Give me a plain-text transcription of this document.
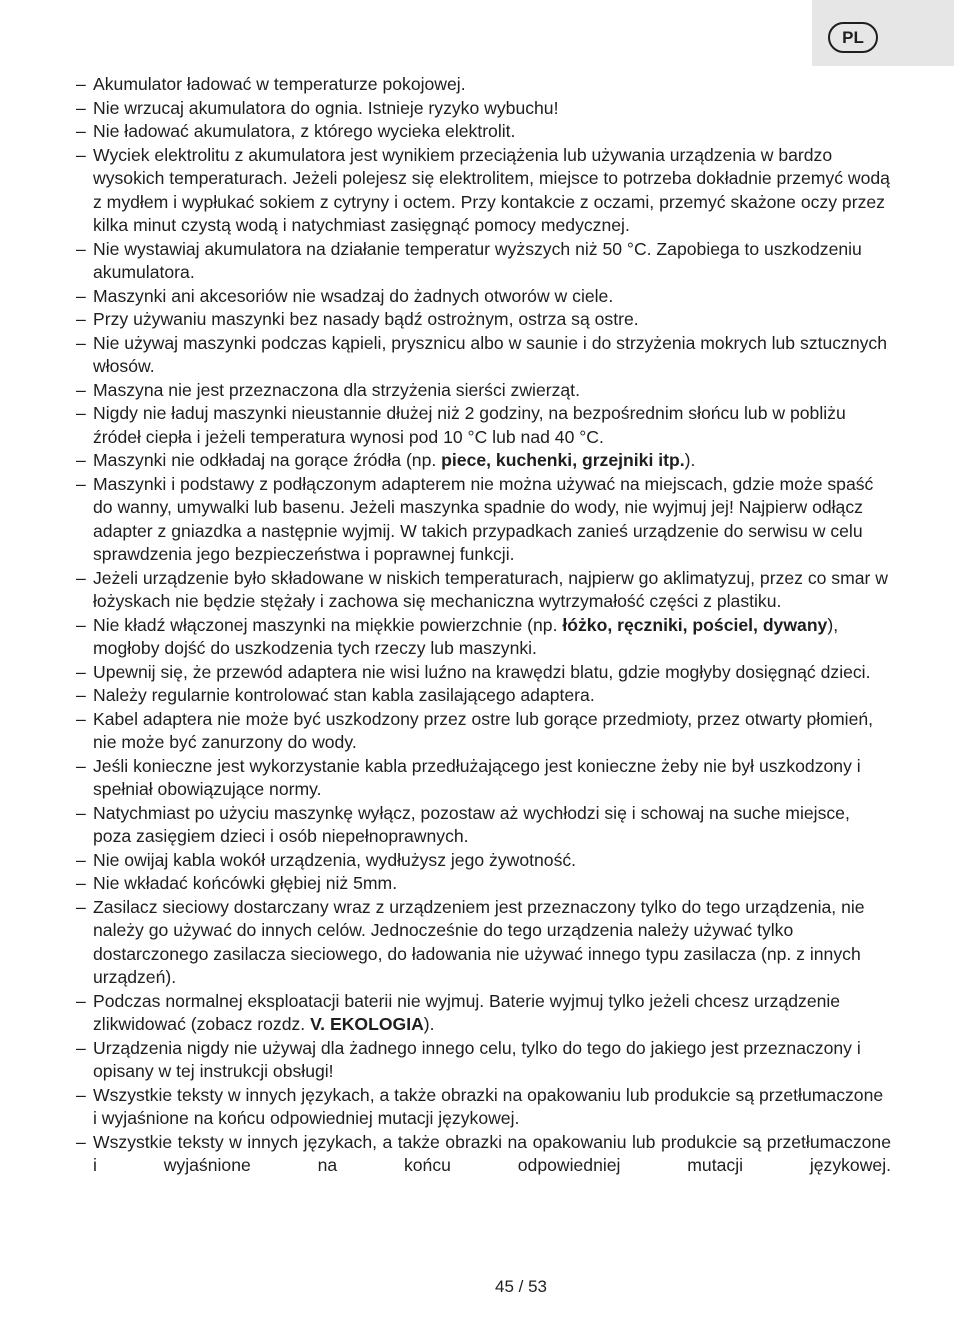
PL
– Akumulator ładować w temperaturze pokojowej.
– Nie wrzucaj akumulatora do ognia. Istnieje ryzyko wybuchu!
– Nie ładować akumulatora, z którego wycieka elektrolit.
– Wyciek elektrolitu z akumulatora jest wynikiem przeciążenia lub używania urządzenia w bardzo wysokich temperaturach. Jeżeli polejesz się elektrolitem, miejsce to potrzeba dokładnie przemyć wodą z mydłem i wypłukać sokiem z cytryny i octem. Przy kontakcie z oczami, przemyć skażone oczy przez kilka minut czystą wodą i natychmiast zasięgnąć pomocy medycznej.
– Nie wystawiaj akumulatora na działanie temperatur wyższych niż 50 °C. Zapobiega to uszkodzeniu akumulatora.
– Maszynki ani akcesoriów nie wsadzaj do żadnych otworów w ciele.
– Przy używaniu maszynki bez nasady bądź ostrożnym, ostrza są ostre.
– Nie używaj maszynki podczas kąpieli, prysznicu albo w saunie i do strzyżenia mokrych lub sztucznych włosów.
– Maszyna nie jest przeznaczona dla strzyżenia sierści zwierząt.
– Nigdy nie ładuj maszynki nieustannie dłużej niż 2 godziny, na bezpośrednim słońcu lub w pobliżu źródeł ciepła i jeżeli temperatura wynosi pod 10 °C lub nad 40 °C.
– Maszynki nie odkładaj na gorące źródła (np. piece, kuchenki, grzejniki itp.).
– Maszynki i podstawy z podłączonym adapterem nie można używać na miejscach, gdzie może spaść do wanny, umywalki lub basenu. Jeżeli maszynka spadnie do wody, nie wyjmuj jej! Najpierw odłącz adapter z gniazdka a następnie wyjmij. W takich przypadkach zanieś urządzenie do serwisu w celu sprawdzenia jego bezpieczeństwa i poprawnej funkcji.
– Jeżeli urządzenie było składowane w niskich temperaturach, najpierw go aklimatyzuj, przez co smar w łożyskach nie będzie stężały i zachowa się mechaniczna wytrzymałość części z plastiku.
– Nie kładź włączonej maszynki na miękkie powierzchnie (np. łóżko, ręczniki, pościel, dywany), mogłoby dojść do uszkodzenia tych rzeczy lub maszynki.
– Upewnij się, że przewód adaptera nie wisi luźno na krawędzi blatu, gdzie mogłyby dosięgnąć dzieci.
– Należy regularnie kontrolować stan kabla zasilającego adaptera.
– Kabel adaptera nie może być uszkodzony przez ostre lub gorące przedmioty, przez otwarty płomień, nie może być zanurzony do wody.
– Jeśli konieczne jest wykorzystanie kabla przedłużającego jest konieczne żeby nie był uszkodzony i spełniał obowiązujące normy.
– Natychmiast po użyciu maszynkę wyłącz, pozostaw aż wychłodzi się i schowaj na suche miejsce, poza zasięgiem dzieci i osób niepełnoprawnych.
– Nie owijaj kabla wokół urządzenia, wydłużysz jego żywotność.
– Nie wkładać końcówki głębiej niż 5mm.
– Zasilacz sieciowy dostarczany wraz z urządzeniem jest przeznaczony tylko do tego urządzenia, nie należy go używać do innych celów. Jednocześnie do tego urządzenia należy używać tylko dostarczonego zasilacza sieciowego, do ładowania nie używać innego typu zasilacza (np. z innych urządzeń).
– Podczas normalnej eksploatacji baterii nie wyjmuj. Baterie wyjmuj tylko jeżeli chcesz urządzenie zlikwidować (zobacz rozdz. V. EKOLOGIA).
– Urządzenia nigdy nie używaj dla żadnego innego celu, tylko do tego do jakiego jest przeznaczony i opisany w tej instrukcji obsługi!
– Wszystkie teksty w innych językach, a także obrazki na opakowaniu lub produkcie są przetłumaczone i wyjaśnione na końcu odpowiedniej mutacji językowej.
– Wszystkie teksty w innych językach, a także obrazki na opakowaniu lub produkcie są przetłumaczone i wyjaśnione na końcu odpowiedniej mutacji językowej.
45 / 53
